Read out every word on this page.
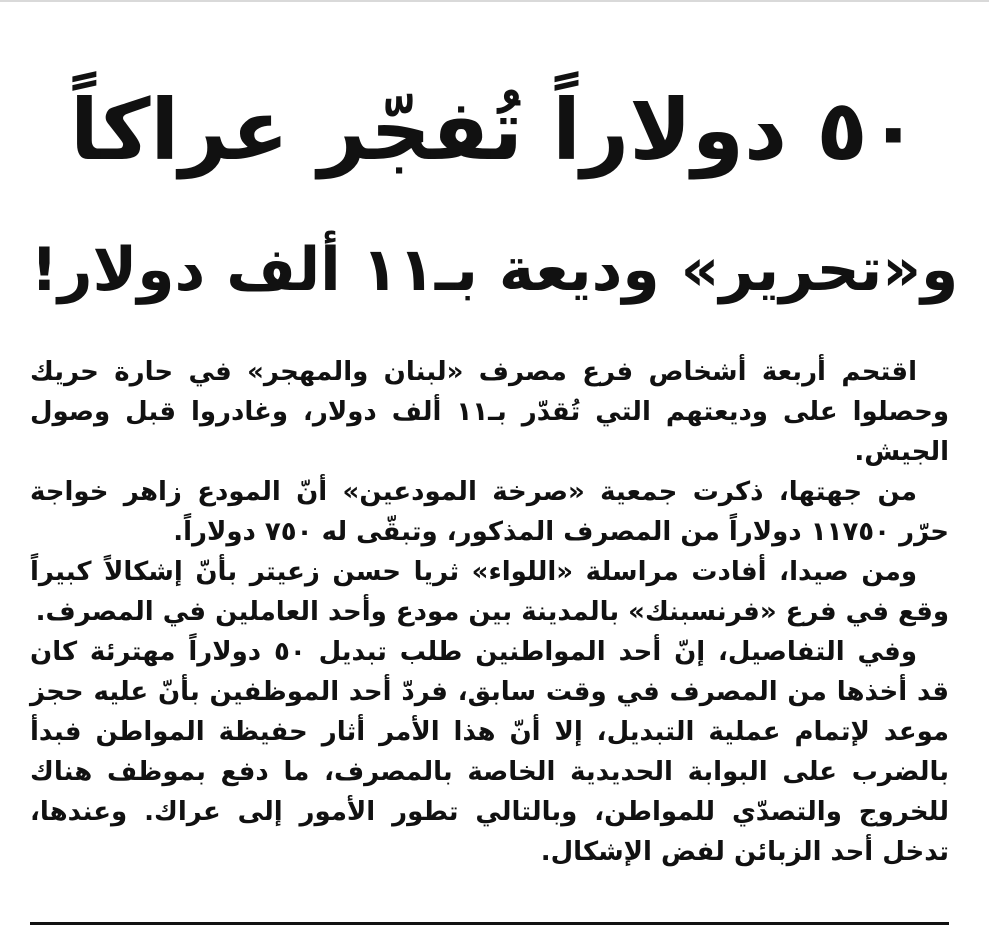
٥٠ دولاراً تُفجّر عراكاً
و«تحرير» وديعة بـ١١ ألف دولار!

اقتحم أربعة أشخاص فرع مصرف «لبنان والمهجر» في حارة حريك وحصلوا على وديعتهم التي تُقدّر بـ١١ ألف دولار، وغادروا قبل وصول الجيش.

من جهتها، ذكرت جمعية «صرخة المودعين» أنّ المودع زاهر خواجة حرّر ١١٧٥٠ دولاراً من المصرف المذكور، وتبقّى له ٧٥٠ دولاراً.

ومن صيدا، أفادت مراسلة «اللواء» ثريا حسن زعيتر بأنّ إشكالاً كبيراً وقع في فرع «فرنسبنك» بالمدينة بين مودع وأحد العاملين في المصرف.

وفي التفاصيل، إنّ أحد المواطنين طلب تبديل ٥٠ دولاراً مهترئة كان قد أخذها من المصرف في وقت سابق، فردّ أحد الموظفين بأنّ عليه حجز موعد لإتمام عملية التبديل، إلا أنّ هذا الأمر أثار حفيظة المواطن فبدأ بالضرب على البوابة الحديدية الخاصة بالمصرف، ما دفع بموظف هناك للخروج والتصدّي للمواطن، وبالتالي تطور الأمور إلى عراك. وعندها، تدخل أحد الزبائن لفض الإشكال.
